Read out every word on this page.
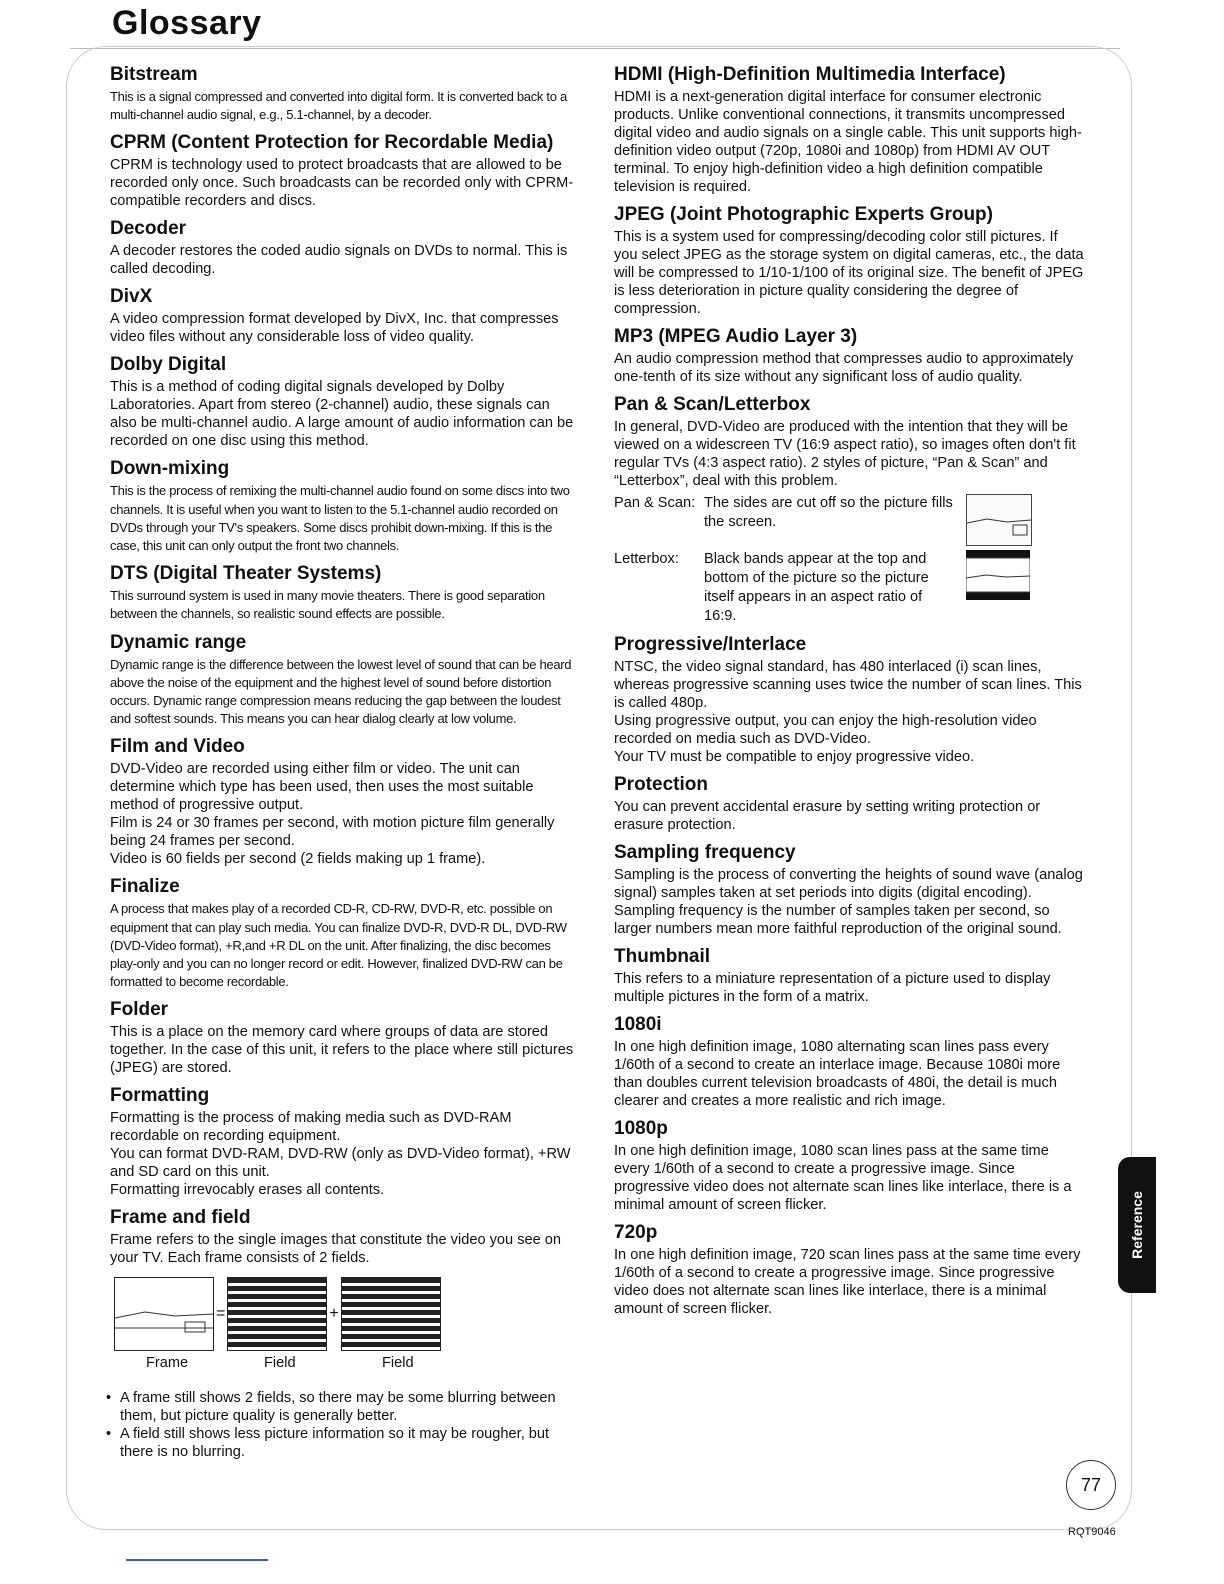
Glossary
Bitstream

This is a signal compressed and converted into digital form. It is converted back to a multi-channel audio signal, e.g., 5.1-channel, by a decoder.

CPRM (Content Protection for Recordable Media)

CPRM is technology used to protect broadcasts that are allowed to be recorded only once. Such broadcasts can be recorded only with CPRM-compatible recorders and discs.

Decoder

A decoder restores the coded audio signals on DVDs to normal. This is called decoding.

DivX

A video compression format developed by DivX, Inc. that compresses video files without any considerable loss of video quality.

Dolby Digital

This is a method of coding digital signals developed by Dolby Laboratories. Apart from stereo (2-channel) audio, these signals can also be multi-channel audio. A large amount of audio information can be recorded on one disc using this method.

Down-mixing

This is the process of remixing the multi-channel audio found on some discs into two channels. It is useful when you want to listen to the 5.1-channel audio recorded on DVDs through your TV's speakers. Some discs prohibit down-mixing. If this is the case, this unit can only output the front two channels.

DTS (Digital Theater Systems)

This surround system is used in many movie theaters. There is good separation between the channels, so realistic sound effects are possible.

Dynamic range

Dynamic range is the difference between the lowest level of sound that can be heard above the noise of the equipment and the highest level of sound before distortion occurs. Dynamic range compression means reducing the gap between the loudest and softest sounds. This means you can hear dialog clearly at low volume.

Film and Video

DVD-Video are recorded using either film or video. The unit can determine which type has been used, then uses the most suitable method of progressive output.
Film is 24 or 30 frames per second, with motion picture film generally being 24 frames per second.
Video is 60 fields per second (2 fields making up 1 frame).

Finalize

A process that makes play of a recorded CD-R, CD-RW, DVD-R, etc. possible on equipment that can play such media. You can finalize DVD-R, DVD-R DL, DVD-RW (DVD-Video format), +R,and +R DL on the unit. After finalizing, the disc becomes play-only and you can no longer record or edit. However, finalized DVD-RW can be formatted to become recordable.

Folder

This is a place on the memory card where groups of data are stored together. In the case of this unit, it refers to the place where still pictures (JPEG) are stored.

Formatting

Formatting is the process of making media such as DVD-RAM recordable on recording equipment.
You can format DVD-RAM, DVD-RW (only as DVD-Video format), +RW and SD card on this unit.
Formatting irrevocably erases all contents.

Frame and field

Frame refers to the single images that constitute the video you see on your TV. Each frame consists of 2 fields.

=	+
Frame	Field	Field
• A frame still shows 2 fields, so there may be some blurring between them, but picture quality is generally better.
• A field still shows less picture information so it may be rougher, but there is no blurring.
HDMI (High-Definition Multimedia Interface)

HDMI is a next-generation digital interface for consumer electronic products. Unlike conventional connections, it transmits uncompressed digital video and audio signals on a single cable. This unit supports high-definition video output (720p, 1080i and 1080p) from HDMI AV OUT terminal. To enjoy high-definition video a high definition compatible television is required.

JPEG (Joint Photographic Experts Group)

This is a system used for compressing/decoding color still pictures. If you select JPEG as the storage system on digital cameras, etc., the data will be compressed to 1/10-1/100 of its original size. The benefit of JPEG is less deterioration in picture quality considering the degree of compression.

MP3 (MPEG Audio Layer 3)

An audio compression method that compresses audio to approximately one-tenth of its size without any significant loss of audio quality.

Pan & Scan/Letterbox

In general, DVD-Video are produced with the intention that they will be viewed on a widescreen TV (16:9 aspect ratio), so images often don't fit regular TVs (4:3 aspect ratio). 2 styles of picture, “Pan & Scan” and “Letterbox”, deal with this problem.

Pan & Scan: The sides are cut off so the picture fills the screen.
Letterbox:	Black bands appear at the top and bottom of the picture so the picture itself appears in an aspect ratio of 16:9.
Progressive/Interlace

NTSC, the video signal standard, has 480 interlaced (i) scan lines, whereas progressive scanning uses twice the number of scan lines. This is called 480p.
Using progressive output, you can enjoy the high-resolution video recorded on media such as DVD-Video.
Your TV must be compatible to enjoy progressive video.

Protection

You can prevent accidental erasure by setting writing protection or erasure protection.

Sampling frequency

Sampling is the process of converting the heights of sound wave (analog signal) samples taken at set periods into digits (digital encoding). Sampling frequency is the number of samples taken per second, so larger numbers mean more faithful reproduction of the original sound.

Thumbnail

This refers to a miniature representation of a picture used to display multiple pictures in the form of a matrix.

1080i

In one high definition image, 1080 alternating scan lines pass every 1/60th of a second to create an interlace image. Because 1080i more than doubles current television broadcasts of 480i, the detail is much clearer and creates a more realistic and rich image.

1080p

In one high definition image, 1080 scan lines pass at the same time every 1/60th of a second to create a progressive image. Since progressive video does not alternate scan lines like interlace, there is a minimal amount of screen flicker.

720p

In one high definition image, 720 scan lines pass at the same time every 1/60th of a second to create a progressive image. Since progressive video does not alternate scan lines like interlace, there is a minimal amount of screen flicker.

Reference
77
RQT9046
